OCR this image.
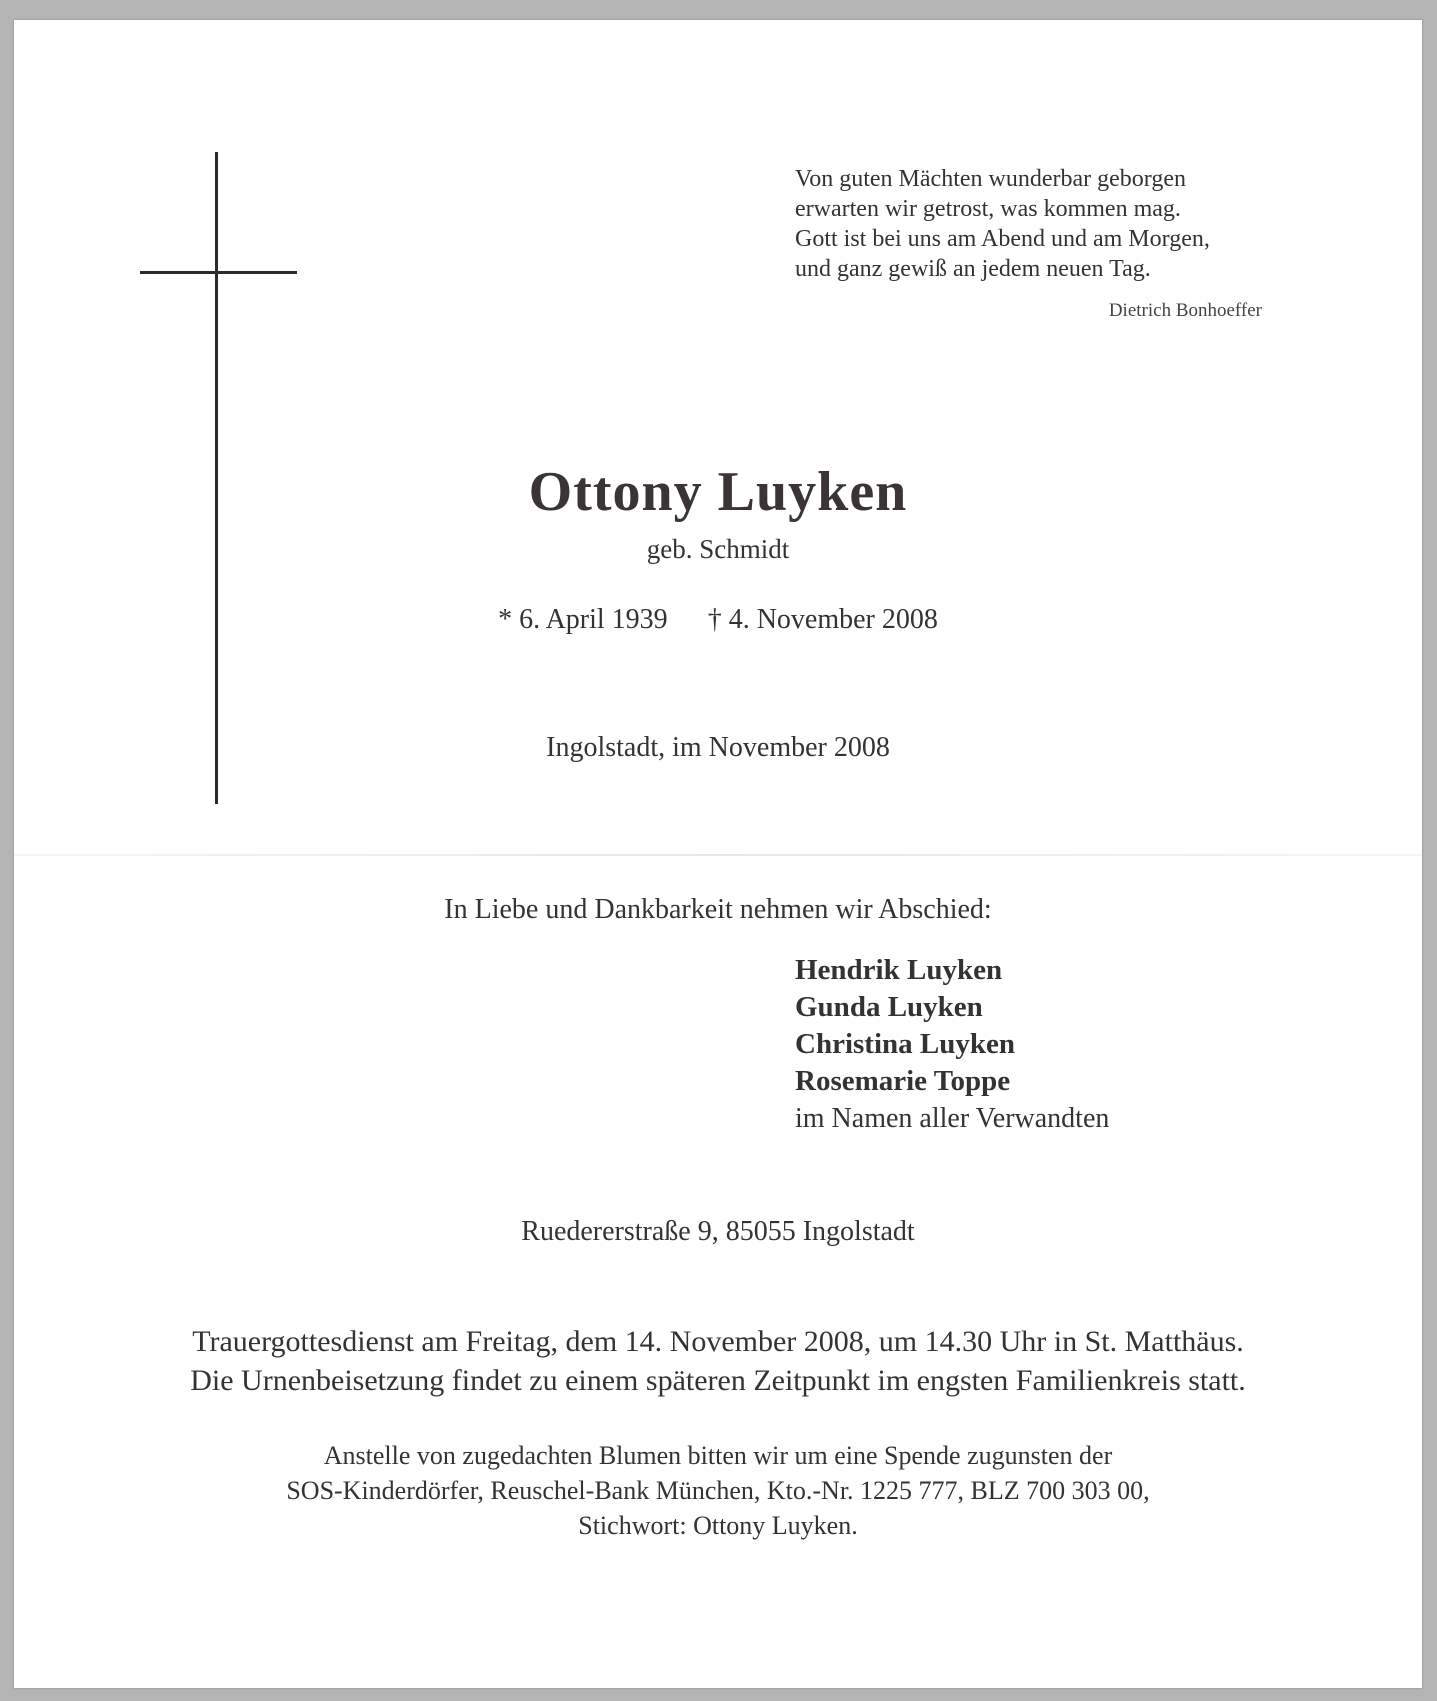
Von guten Mächten wunderbar geborgen
erwarten wir getrost, was kommen mag.
Gott ist bei uns am Abend und am Morgen,
und ganz gewiß an jedem neuen Tag.
Dietrich Bonhoeffer
Ottony Luyken
geb. Schmidt
* 6. April 1939 † 4. November 2008
Ingolstadt, im November 2008
In Liebe und Dankbarkeit nehmen wir Abschied:
Hendrik Luyken
Gunda Luyken
Christina Luyken
Rosemarie Toppe
im Namen aller Verwandten
Ruedererstraße 9, 85055 Ingolstadt
Trauergottesdienst am Freitag, dem 14. November 2008, um 14.30 Uhr in St. Matthäus.
Die Urnenbeisetzung findet zu einem späteren Zeitpunkt im engsten Familienkreis statt.
Anstelle von zugedachten Blumen bitten wir um eine Spende zugunsten der
SOS-Kinderdörfer, Reuschel-Bank München, Kto.-Nr. 1225 777, BLZ 700 303 00,
Stichwort: Ottony Luyken.
